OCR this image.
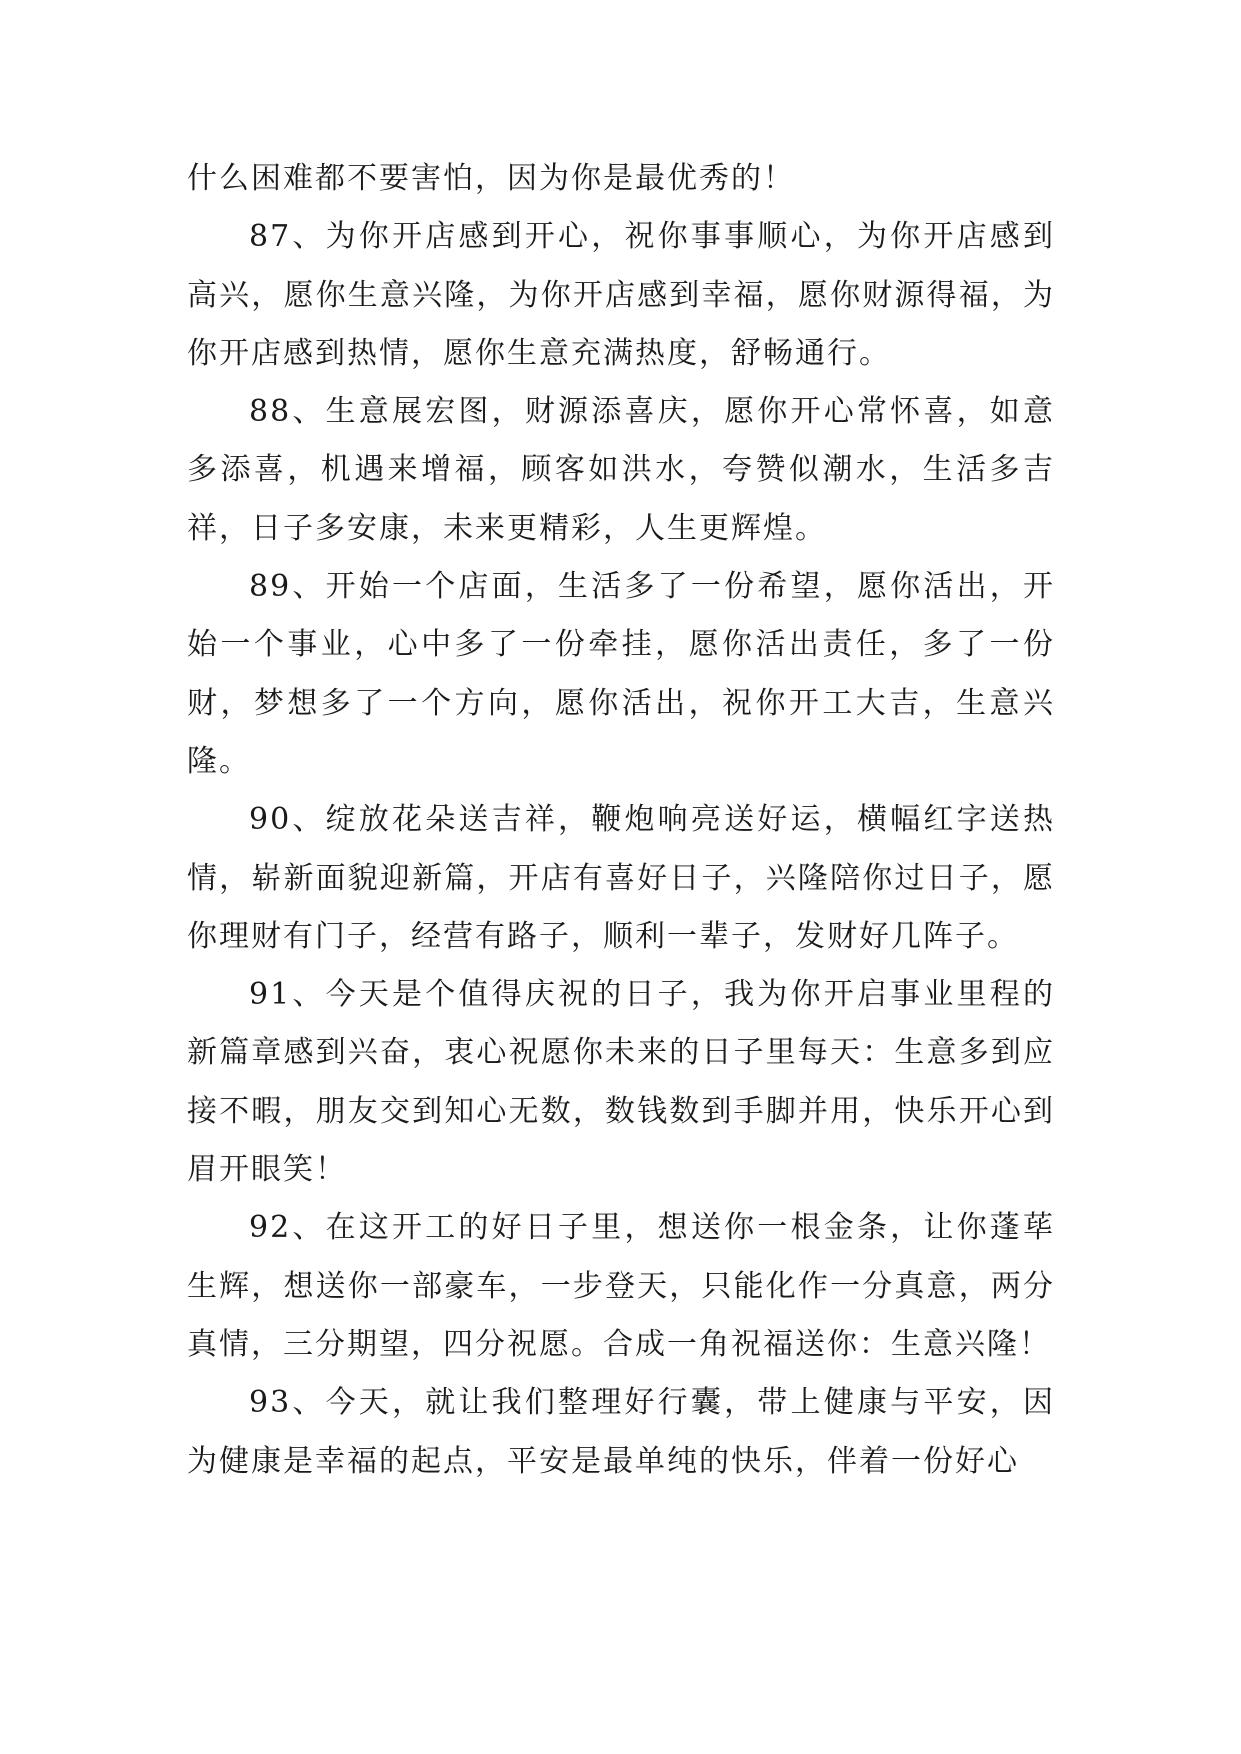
什么困难都不要害怕，因为你是最优秀的！

87、为你开店感到开心，祝你事事顺心，为你开店感到高兴，愿你生意兴隆，为你开店感到幸福，愿你财源得福，为你开店感到热情，愿你生意充满热度，舒畅通行。

88、生意展宏图，财源添喜庆，愿你开心常怀喜，如意多添喜，机遇来增福，顾客如洪水，夸赞似潮水，生活多吉祥，日子多安康，未来更精彩，人生更辉煌。

89、开始一个店面，生活多了一份希望，愿你活出，开始一个事业，心中多了一份牵挂，愿你活出责任，多了一份财，梦想多了一个方向，愿你活出，祝你开工大吉，生意兴隆。

90、绽放花朵送吉祥，鞭炮响亮送好运，横幅红字送热情，崭新面貌迎新篇，开店有喜好日子，兴隆陪你过日子，愿你理财有门子，经营有路子，顺利一辈子，发财好几阵子。

91、今天是个值得庆祝的日子，我为你开启事业里程的新篇章感到兴奋，衷心祝愿你未来的日子里每天：生意多到应接不暇，朋友交到知心无数，数钱数到手脚并用，快乐开心到眉开眼笑！

92、在这开工的好日子里，想送你一根金条，让你蓬荜生辉，想送你一部豪车，一步登天，只能化作一分真意，两分真情，三分期望，四分祝愿。合成一角祝福送你：生意兴隆！

93、今天，就让我们整理好行囊，带上健康与平安，因为健康是幸福的起点，平安是最单纯的快乐，伴着一份好心
